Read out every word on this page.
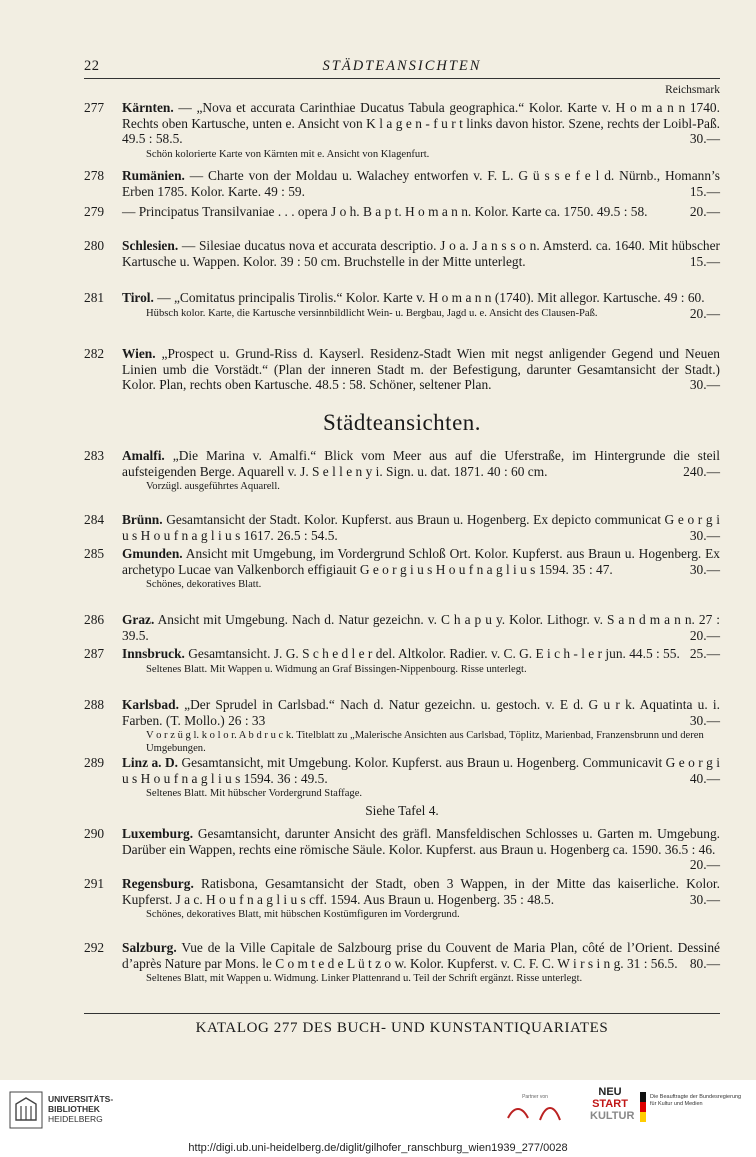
22	STÄDTEANSICHTEN
Reichsmark
277	Kärnten. — „Nova et accurata Carinthiae Ducatus Tabula geographica.“ Kolor. Karte v. H o m a n n 1740. Rechts oben Kartusche, unten e. Ansicht von K l a g e n - f u r t links davon histor. Szene, rechts der Loibl-Paß. 49.5 : 58.5.	30.—
Schön kolorierte Karte von Kärnten mit e. Ansicht von Klagenfurt.
278	Rumänien. — Charte von der Moldau u. Walachey entworfen v. F. L. G ü s s e f e l d. Nürnb., Homann’s Erben 1785. Kolor. Karte. 49 : 59.	15.—
279	— Principatus Transilvaniae . . . opera J o h. B a p t. H o m a n n. Kolor. Karte ca. 1750. 49.5 : 58.	20.—
280	Schlesien. — Silesiae ducatus nova et accurata descriptio. J o a. J a n s s o n. Amsterd. ca. 1640. Mit hübscher Kartusche u. Wappen. Kolor. 39 : 50 cm. Bruchstelle in der Mitte unterlegt.	15.—
281	Tirol. — „Comitatus principalis Tirolis.“ Kolor. Karte v. H o m a n n (1740). Mit allegor. Kartusche. 49 : 60.
20.—
Hübsch kolor. Karte, die Kartusche versinnbildlicht Wein- u. Bergbau, Jagd u. e. Ansicht des Clausen-Paß.
282	Wien. „Prospect u. Grund-Riss d. Kayserl. Residenz-Stadt Wien mit negst anligender Gegend und Neuen Linien umb die Vorstädt.“ (Plan der inneren Stadt m. der Befestigung, darunter Gesamtansicht der Stadt.) Kolor. Plan, rechts oben Kartusche. 48.5 : 58. Schöner, seltener Plan.	30.—
Städteansichten.
283	Amalfi. „Die Marina v. Amalfi.“ Blick vom Meer aus auf die Uferstraße, im Hintergrunde die steil aufsteigenden Berge. Aquarell v. J. S e l l e n y i. Sign. u. dat. 1871. 40 : 60 cm.	240.—
Vorzügl. ausgeführtes Aquarell.
284	Brünn. Gesamtansicht der Stadt. Kolor. Kupferst. aus Braun u. Hogenberg. Ex depicto communicat G e o r g i u s H o u f n a g l i u s 1617. 26.5 : 54.5.	30.—
285	Gmunden. Ansicht mit Umgebung, im Vordergrund Schloß Ort. Kolor. Kupferst. aus Braun u. Hogenberg. Ex archetypo Lucae van Valkenborch effigiauit G e o r g i u s H o u f n a g l i u s 1594. 35 : 47.	30.—
Schönes, dekoratives Blatt.
286	Graz. Ansicht mit Umgebung. Nach d. Natur gezeichn. v. C h a p u y. Kolor. Lithogr. v. S a n d m a n n. 27 : 39.5.	20.—
287	Innsbruck. Gesamtansicht. J. G. S c h e d l e r del. Altkolor. Radier. v. C. G. E i c h - l e r jun. 44.5 : 55. 25.—
Seltenes Blatt. Mit Wappen u. Widmung an Graf Bissingen-Nippenbourg. Risse unterlegt.
288	Karlsbad. „Der Sprudel in Carlsbad.“ Nach d. Natur gezeichn. u. gestoch. v. E d. G u r k. Aquatinta u. i. Farben. (T. Mollo.) 26 : 33	30.—
V o r z ü g l. k o l o r. A b d r u c k. Titelblatt zu „Malerische Ansichten aus Carlsbad, Töplitz, Marienbad, Franzensbrunn und deren Umgebungen.
289	Linz a. D. Gesamtansicht, mit Umgebung. Kolor. Kupferst. aus Braun u. Hogenberg. Communicavit G e o r g i u s H o u f n a g l i u s 1594. 36 : 49.5.	40.—
Seltenes Blatt. Mit hübscher Vordergrund Staffage.
Siehe Tafel 4.
290	Luxemburg. Gesamtansicht, darunter Ansicht des gräfl. Mansfeldischen Schlosses u. Garten m. Umgebung. Darüber ein Wappen, rechts eine römische Säule. Kolor. Kupferst. aus Braun u. Hogenberg ca. 1590. 36.5 : 46.
20.—
291	Regensburg. Ratisbona, Gesamtansicht der Stadt, oben 3 Wappen, in der Mitte das kaiserliche. Kolor. Kupferst. J a c. H o u f n a g l i u s cff. 1594. Aus Braun u. Hogenberg. 35 : 48.5.	30.—
Schönes, dekoratives Blatt, mit hübschen Kostümfiguren im Vordergrund.
292	Salzburg. Vue de la Ville Capitale de Salzbourg prise du Couvent de Maria Plan, côté de l’Orient. Dessiné d’après Nature par Mons. le C o m t e d e L ü t z o w. Kolor. Kupferst. v. C. F. C. W i r s i n g. 31 : 56.5. 80.—
Seltenes Blatt, mit Wappen u. Widmung. Linker Plattenrand u. Teil der Schrift ergänzt. Risse unterlegt.
KATALOG 277 DES BUCH- UND KUNSTANTIQUARIATES
UNIVERSITÄTS-
BIBLIOTHEK
HEIDELBERG
Partner von	NEU
START
KULTUR
Die Beauftragte der Bundesregierung
für Kultur und Medien
http://digi.ub.uni-heidelberg.de/diglit/gilhofer_ranschburg_wien1939_277/0028
